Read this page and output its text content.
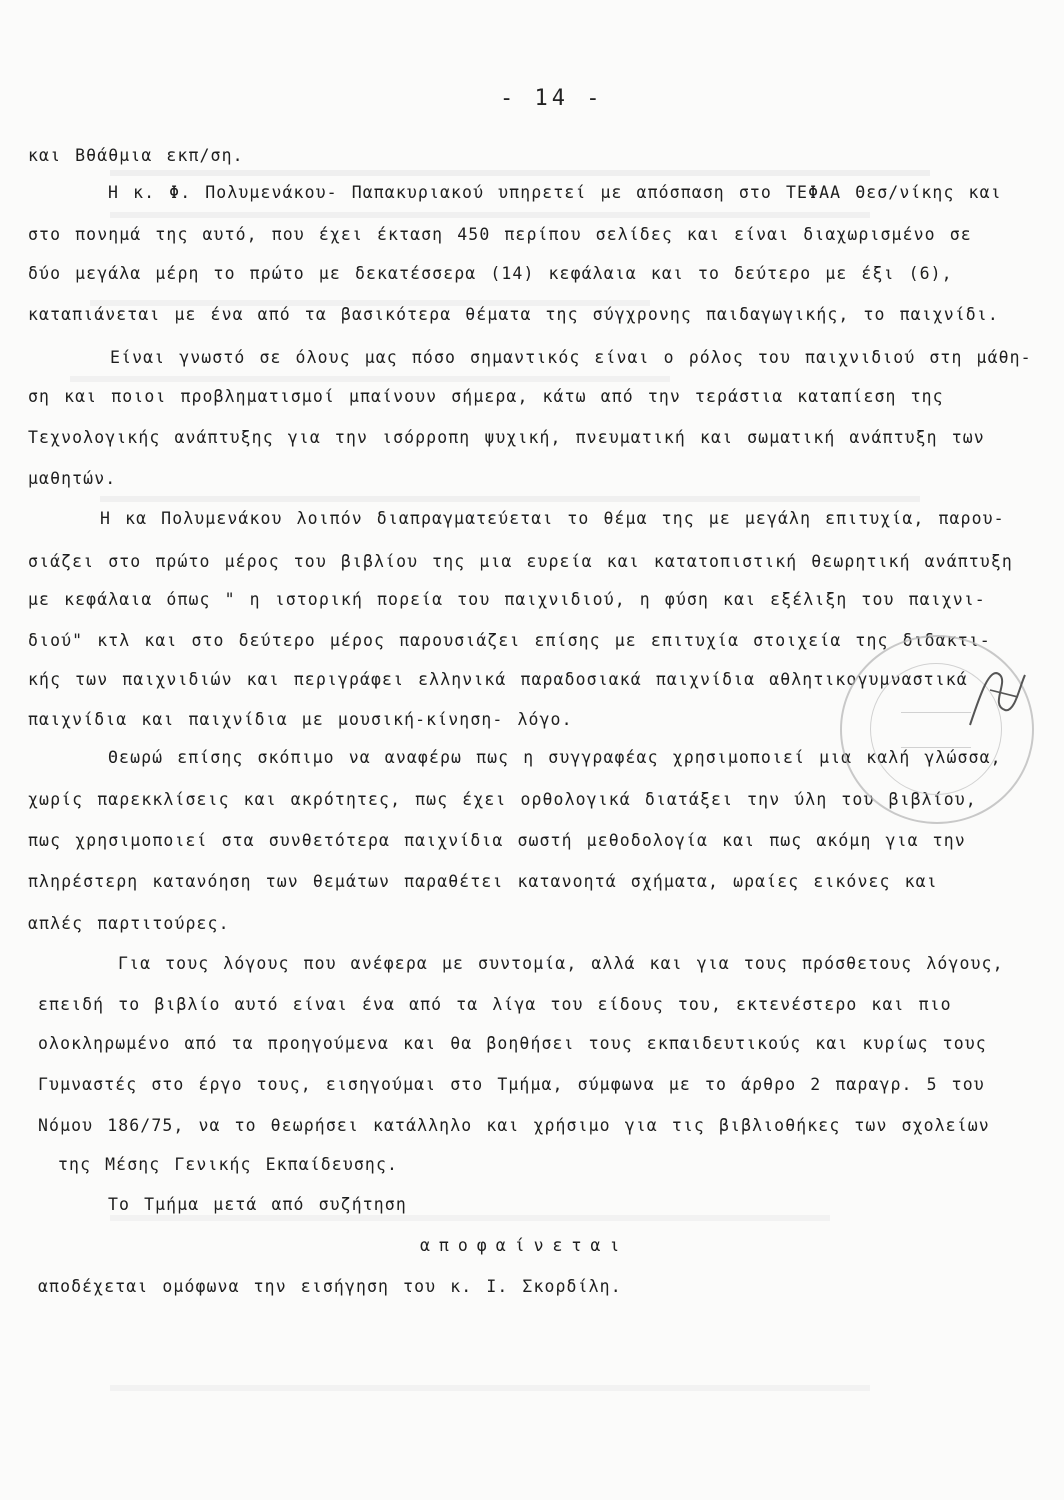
- 14 -
και Βθάθμια εκπ/ση.
Η κ. Φ. Πολυμενάκου- Παπακυριακού υπηρετεί με απόσπαση στο ΤΕΦΑΑ Θεσ/νίκης και
στο πονημά της αυτό, που έχει έκταση 450 περίπου σελίδες και είναι διαχωρισμένο σε
δύο μεγάλα μέρη το πρώτο με δεκατέσσερα (14) κεφάλαια και το δεύτερο με έξι (6),
καταπιάνεται με ένα από τα βασικότερα θέματα της σύγχρονης παιδαγωγικής, το παιχνίδι.
Είναι γνωστό σε όλους μας πόσο σημαντικός είναι ο ρόλος του παιχνιδιού στη μάθη-
ση και ποιοι προβληματισμοί μπαίνουν σήμερα, κάτω από την τεράστια καταπίεση της
Τεχνολογικής ανάπτυξης για την ισόρροπη ψυχική, πνευματική και σωματική ανάπτυξη των
μαθητών.
Η κα Πολυμενάκου λοιπόν διαπραγματεύεται το θέμα της με μεγάλη επιτυχία, παρου-
σιάζει στο πρώτο μέρος του βιβλίου της μια ευρεία και κατατοπιστική θεωρητική ανάπτυξη
με κεφάλαια όπως " η ιστορική πορεία του παιχνιδιού, η φύση και εξέλιξη του παιχνι-
διού" κτλ και στο δεύτερο μέρος παρουσιάζει επίσης με επιτυχία στοιχεία της διδακτι-
κής των παιχνιδιών και περιγράφει ελληνικά παραδοσιακά παιχνίδια αθλητικογυμναστικά
παιχνίδια και παιχνίδια με μουσική-κίνηση- λόγο.
Θεωρώ επίσης σκόπιμο να αναφέρω πως η συγγραφέας χρησιμοποιεί μια καλή γλώσσα,
χωρίς παρεκκλίσεις και ακρότητες, πως έχει ορθολογικά διατάξει την ύλη του βιβλίου,
πως χρησιμοποιεί στα συνθετότερα παιχνίδια σωστή μεθοδολογία και πως ακόμη για την
πληρέστερη κατανόηση των θεμάτων παραθέτει κατανοητά σχήματα, ωραίες εικόνες και
απλές παρτιτούρες.
Για τους λόγους που ανέφερα με συντομία, αλλά και για τους πρόσθετους λόγους,
επειδή το βιβλίο αυτό είναι ένα από τα λίγα του είδους του, εκτενέστερο και πιο
ολοκληρωμένο από τα προηγούμενα και θα βοηθήσει τους εκπαιδευτικούς και κυρίως τους
Γυμναστές στο έργο τους, εισηγούμαι στο Τμήμα, σύμφωνα με το άρθρο 2 παραγρ. 5 του
Νόμου 186/75, να το θεωρήσει κατάλληλο και χρήσιμο για τις βιβλιοθήκες των σχολείων
της Μέσης Γενικής Εκπαίδευσης.
Το Τμήμα μετά από συζήτηση
αποφαίνεται
αποδέχεται ομόφωνα την εισήγηση του κ. Ι. Σκορδίλη.
